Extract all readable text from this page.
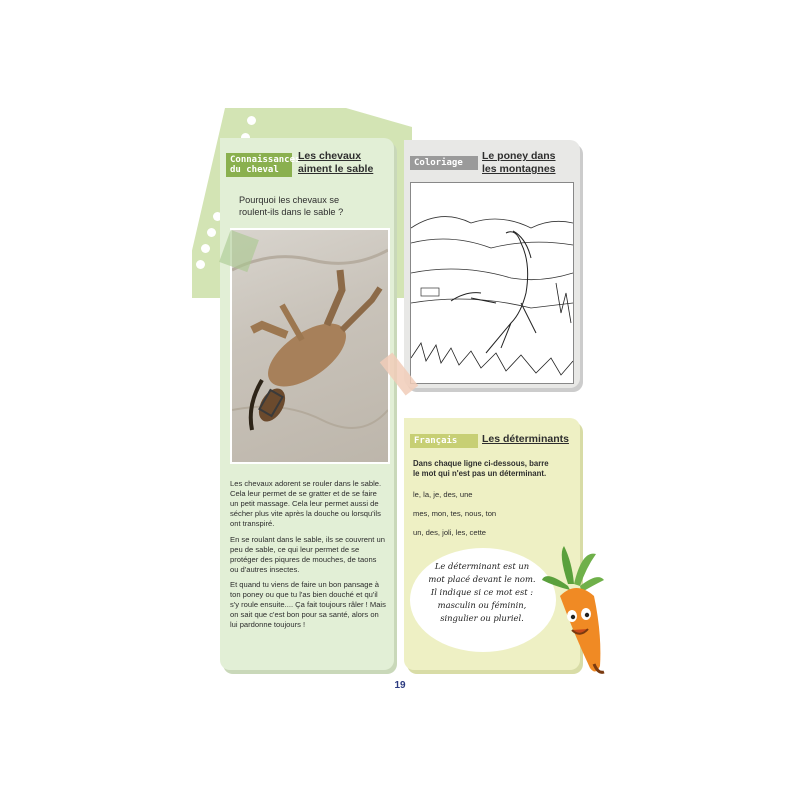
Connaissances
du cheval
Les chevaux
aiment le sable
Pourquoi les chevaux se
roulent-ils dans le sable ?
Les chevaux adorent se rouler dans le sable. Cela leur permet de se gratter et de se faire un petit massage. Cela leur permet aussi de sécher plus vite après la douche ou lorsqu'ils ont transpiré.
En se roulant dans le sable, ils se couvrent un peu de sable, ce qui leur permet de se protéger des piqures de mouches, de taons ou d'autres insectes.
Et quand tu viens de faire un bon pansage à ton poney ou que tu l'as bien douché et qu'il s'y roule ensuite.... Ça fait toujours râler ! Mais on sait que c'est bon pour sa santé, alors on lui pardonne toujours !
Coloriage
Le poney dans
les montagnes
Français	Les déterminants
Dans chaque ligne ci-dessous, barre
le mot qui n'est pas un déterminant.
le, la, je, des, une
mes, mon, tes, nous, ton
un, des, joli, les, cette
Le déterminant est un
mot placé devant le nom.
Il indique si ce mot est :
masculin ou féminin,
singulier ou pluriel.
19
